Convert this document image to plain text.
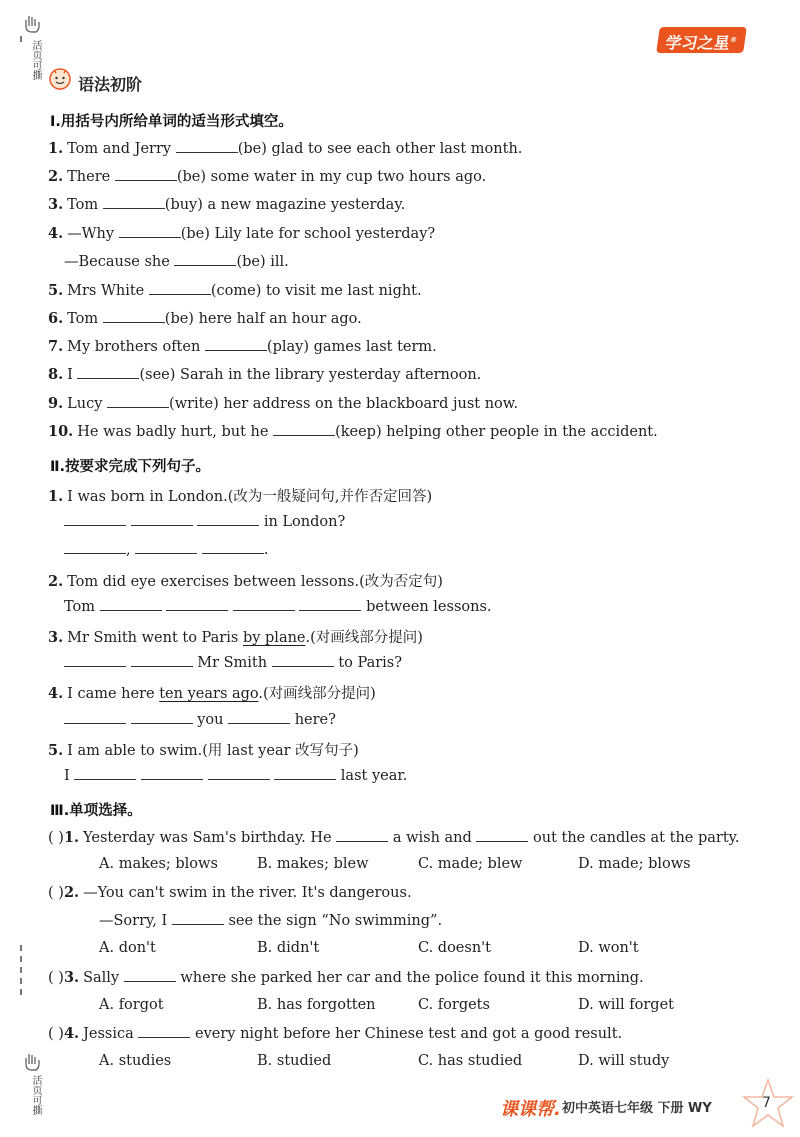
活页可撕
活页可撕
学习之星®
语法初阶
Ⅰ.用括号内所给单词的适当形式填空。
1. Tom and Jerry	(be) glad to see each other last month.
2. There	(be) some water in my cup two hours ago.
3. Tom	(buy) a new magazine yesterday.
4. —Why	(be) Lily late for school yesterday?
—Because she	(be) ill.
5. Mrs White	(come) to visit me last night.
6. Tom	(be) here half an hour ago.
7. My brothers often	(play) games last term.
8. I	(see) Sarah in the library yesterday afternoon.
9. Lucy	(write) her address on the blackboard just now.
10. He was badly hurt, but he	(keep) helping other people in the accident.
Ⅱ.按要求完成下列句子。
1. I was born in London.(改为一般疑问句,并作否定回答)
in London?
,	.
2. Tom did eye exercises between lessons.(改为否定句)
Tom	between lessons.
3. Mr Smith went to Paris by plane.(对画线部分提问)
Mr Smith	to Paris?
4. I came here ten years ago.(对画线部分提问)
you	here?
5. I am able to swim.(用 last year 改写句子)
I	last year.
Ⅲ.单项选择。
( )1. Yesterday was Sam's birthday. He	a wish and	out the candles at the party.
A. makes; blows	B. makes; blew	C. made; blew	D. made; blows
( )2. —You can't swim in the river. It's dangerous.
—Sorry, I	see the sign “No swimming”.
A. don't	B. didn't	C. doesn't	D. won't
( )3. Sally	where she parked her car and the police found it this morning.
A. forgot	B. has forgotten	C. forgets	D. will forget
( )4. Jessica	every night before her Chinese test and got a good result.
A. studies	B. studied	C. has studied	D. will study
课课帮. 初中英语七年级 下册 WY	7
